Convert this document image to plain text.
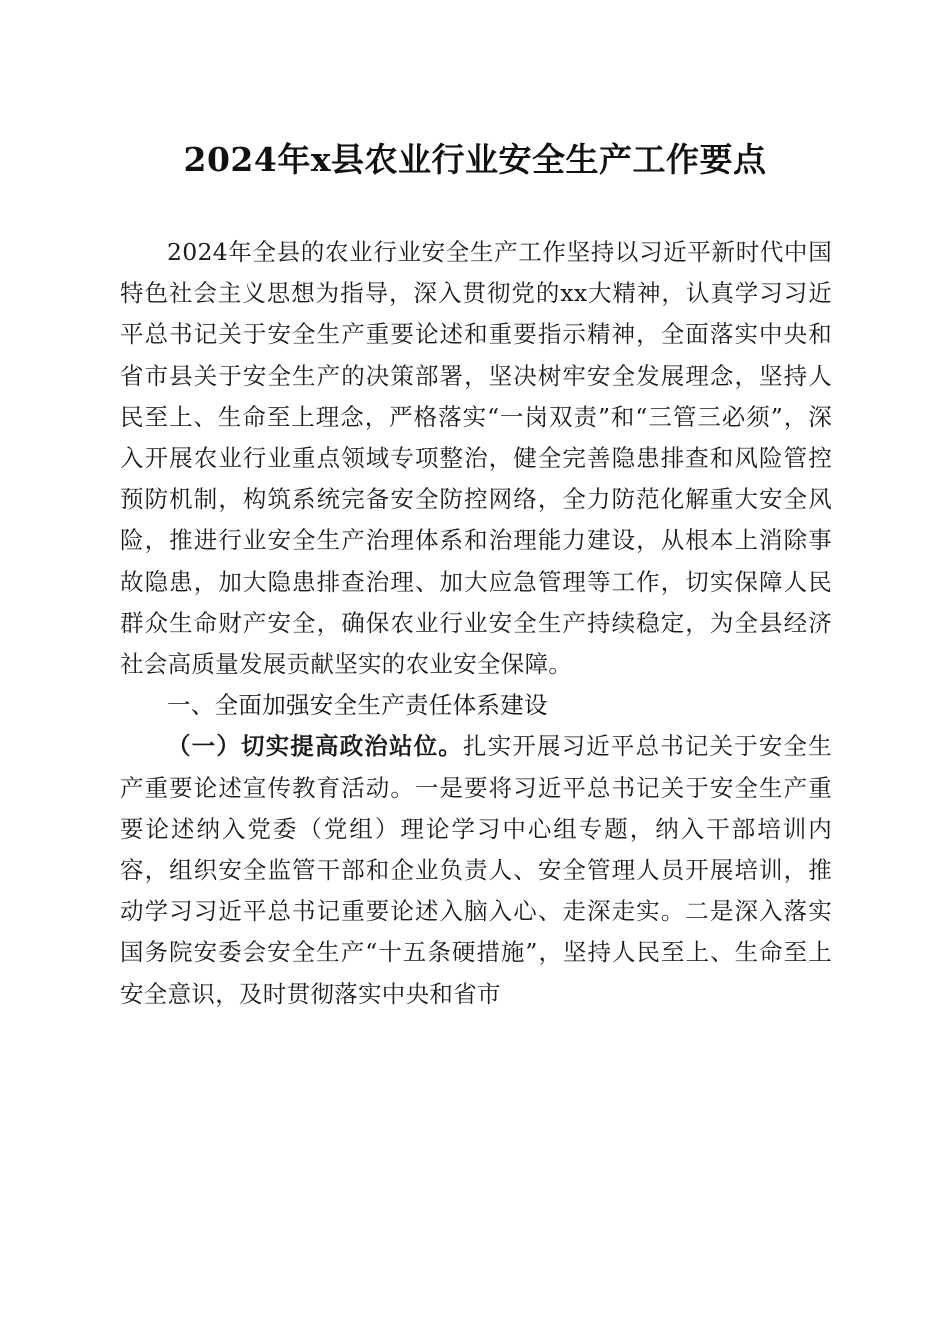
2024年x县农业行业安全生产工作要点

2024年全县的农业行业安全生产工作坚持以习近平新时代中国特色社会主义思想为指导，深入贯彻党的xx大精神，认真学习习近平总书记关于安全生产重要论述和重要指示精神，全面落实中央和省市县关于安全生产的决策部署，坚决树牢安全发展理念，坚持人民至上、生命至上理念，严格落实“一岗双责”和“三管三必须”，深入开展农业行业重点领域专项整治，健全完善隐患排查和风险管控预防机制，构筑系统完备安全防控网络，全力防范化解重大安全风险，推进行业安全生产治理体系和治理能力建设，从根本上消除事故隐患，加大隐患排查治理、加大应急管理等工作，切实保障人民群众生命财产安全，确保农业行业安全生产持续稳定，为全县经济社会高质量发展贡献坚实的农业安全保障。

一、全面加强安全生产责任体系建设

（一）切实提高政治站位。扎实开展习近平总书记关于安全生产重要论述宣传教育活动。一是要将习近平总书记关于安全生产重要论述纳入党委（党组）理论学习中心组专题，纳入干部培训内容，组织安全监管干部和企业负责人、安全管理人员开展培训，推动学习习近平总书记重要论述入脑入心、走深走实。二是深入落实国务院安委会安全生产“十五条硬措施”，坚持人民至上、生命至上安全意识，及时贯彻落实中央和省市
